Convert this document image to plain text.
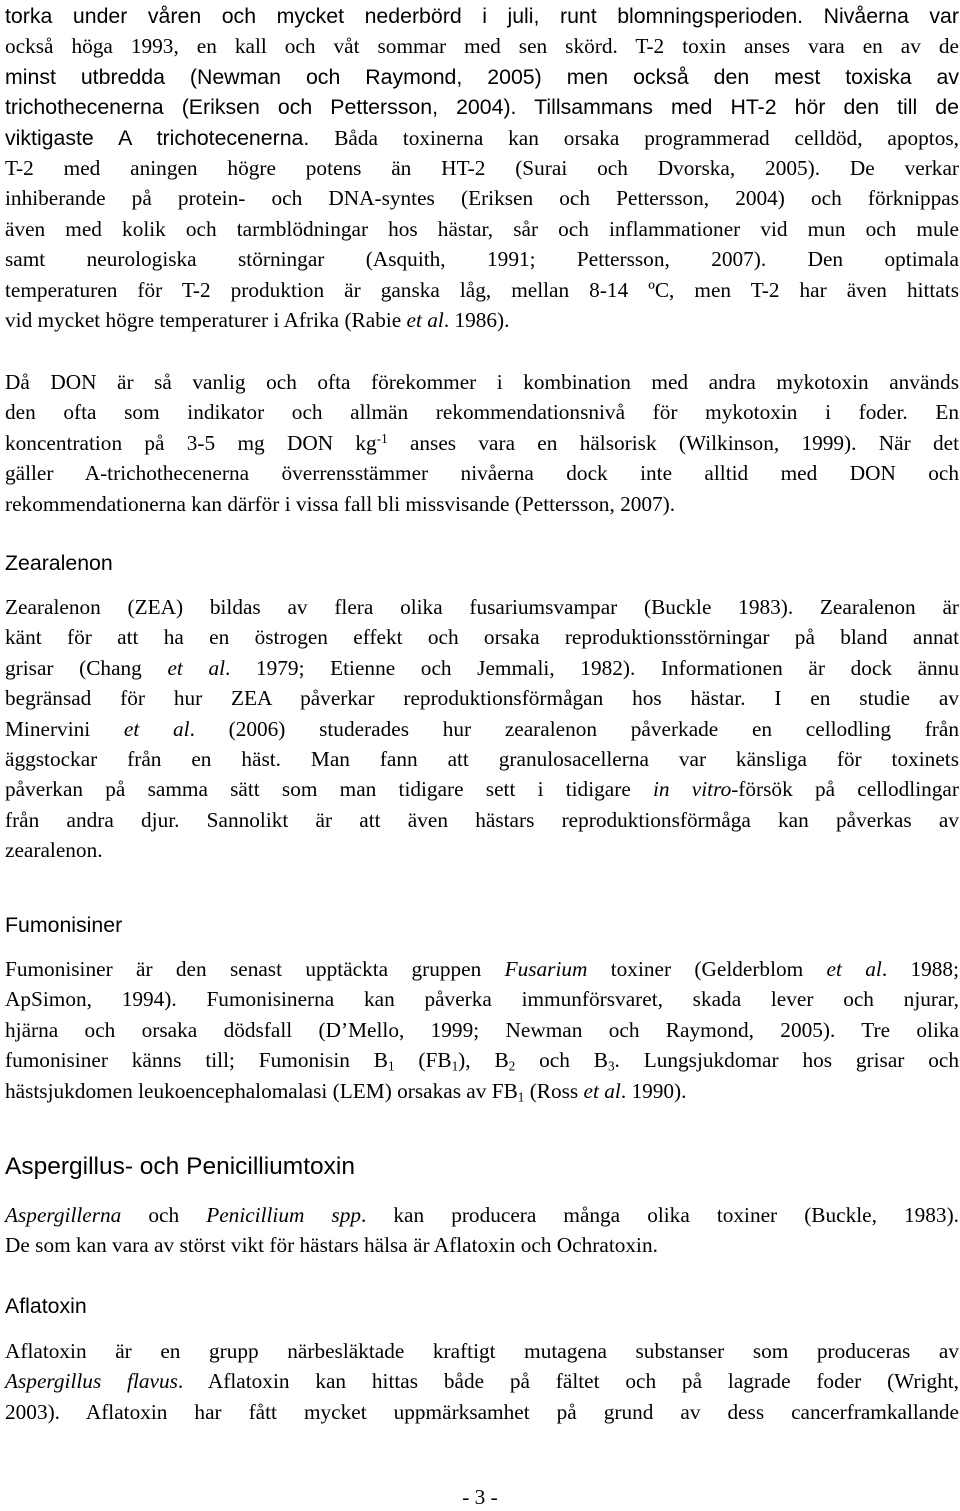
torka under våren och mycket nederbörd i juli, runt blomningsperioden. Nivåerna var
också höga 1993, en kall och våt sommar med sen skörd. T-2 toxin anses vara en av de
minst utbredda (Newman och Raymond, 2005) men också den mest toxiska av
trichothecenerna (Eriksen och Pettersson, 2004). Tillsammans med HT-2 hör den till de
viktigaste A trichotecenerna. Båda toxinerna kan orsaka programmerad celldöd, apoptos,
T-2 med aningen högre potens än HT-2 (Surai och Dvorska, 2005). De verkar
inhiberande på protein- och DNA-syntes (Eriksen och Pettersson, 2004) och förknippas
även med kolik och tarmblödningar hos hästar, sår och inflammationer vid mun och mule
samt neurologiska störningar (Asquith, 1991; Pettersson, 2007). Den optimala
temperaturen för T-2 produktion är ganska låg, mellan 8-14 ºC, men T-2 har även hittats
vid mycket högre temperaturer i Afrika (Rabie et al. 1986).
Då DON är så vanlig och ofta förekommer i kombination med andra mykotoxin används
den ofta som indikator och allmän rekommendationsnivå för mykotoxin i foder. En
koncentration på 3-5 mg DON $kg^{-1}$ anses vara en hälsorisk (Wilkinson, 1999). När det
gäller A-trichothecenerna överrensstämmer nivåerna dock inte alltid med DON och
rekommendationerna kan därför i vissa fall bli missvisande (Pettersson, 2007).
Zearalenon
Zearalenon (ZEA) bildas av flera olika fusariumsvampar (Buckle 1983). Zearalenon är
känt för att ha en östrogen effekt och orsaka reproduktionsstörningar på bland annat
grisar (Chang et al. 1979; Etienne och Jemmali, 1982). Informationen är dock ännu
begränsad för hur ZEA påverkar reproduktionsförmågan hos hästar. I en studie av
Minervini et al. (2006) studerades hur zearalenon påverkade en cellodling från
äggstockar från en häst. Man fann att granulosacellerna var känsliga för toxinets
påverkan på samma sätt som man tidigare sett i tidigare in vitro-försök på cellodlingar
från andra djur. Sannolikt är att även hästars reproduktionsförmåga kan påverkas av
zearalenon.
Fumonisiner
Fumonisiner är den senast upptäckta gruppen Fusarium toxiner (Gelderblom et al. 1988;
ApSimon, 1994). Fumonisinerna kan påverka immunförsvaret, skada lever och njurar,
hjärna och orsaka dödsfall (D’Mello, 1999; Newman och Raymond, 2005). Tre olika
fumonisiner känns till; Fumonisin $B_1$ $(FB_1)$, $B_2$ och $B_3$. Lungsjukdomar hos grisar och
hästsjukdomen leukoencephalomalasi (LEM) orsakas av $FB_1$ (Ross et al. 1990).
Aspergillus- och Penicilliumtoxin
Aspergillerna och Penicillium spp. kan producera många olika toxiner (Buckle, 1983).
De som kan vara av störst vikt för hästars hälsa är Aflatoxin och Ochratoxin.
Aflatoxin
Aflatoxin är en grupp närbesläktade kraftigt mutagena substanser som produceras av
Aspergillus flavus. Aflatoxin kan hittas både på fältet och på lagrade foder (Wright,
2003). Aflatoxin har fått mycket uppmärksamhet på grund av dess cancerframkallande

- 3 -
